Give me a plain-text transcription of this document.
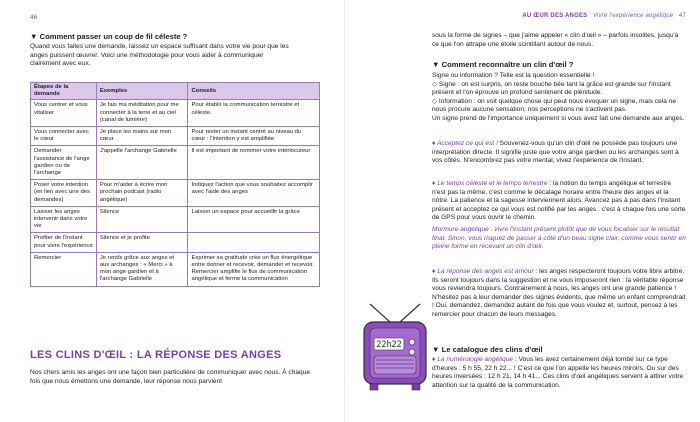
46
▼ Comment passer un coup de fil céleste ?

Quand vous faites une demande, laissez un espace suffisant dans votre vie pour que les anges puissent œuvrer. Voici une méthodologie pour vous aider à communiquer clairement avec eux.

Étapes de la demande	Exemples	Conseils
Vous centrer et vous vitaliser	Je fais ma méditation pour me connecter à la terre et au ciel (canal de lumière)	Pour établir la communication terrestre et céleste.
Vous connecter avec le cœur	Je place les mains sur mon cœur	Pour rester un instant centré au niveau du cœur : l'intention y est amplifiée
Demander l'assistance de l'ange gardien ou de l'archange	J'appelle l'archange Gabrielle	Il est important de nommer votre interlocuteur
Poser votre intention (en lien avec une des demandes)	Pour m'aider à écrire mon prochain podcast (radio angélique)	Indiquez l'action que vous souhaitez accomplir avec l'aide des anges
Laisser les anges intervenir dans votre vie	Silence	Laisser un espace pour accueillir la grâce
Profiter de l'instant pour vivre l'expérience	Silence et je profite	
Remercier	Je rends grâce aux anges et aux archanges : « Merci » à mon ange gardien et à l'archange Gabrielle	Exprimer sa gratitude crée un flux énergétique entre donner et recevoir, demander et recevoir. Remercier amplifie le flux de communication angélique et ferme la communication
LES CLINS D'ŒIL : LA RÉPONSE DES ANGES

Nos chers amis les anges ont une façon bien particulière de communiquer avec nous. À chaque fois que nous émettons une demande, leur réponse nous parvient

AU ŒUR DES ANGES Vivre l'expérience angélique 47

sous la forme de signes – que j'aime appeler « clin d'œil » – parfois insolites, jusqu'à ce que l'on attrape une étoile scintillant autour de nous.

▼ Comment reconnaître un clin d'œil ?

Signe ou information ? Telle est la question essentielle !

◇ Signe : on est surpris, on reste bouche bée tant la grâce est grande sur l'instant présent et l'on éprouve un profond sentiment de plénitude.

◇ Information : on voit quelque chose qui peut nous évoquer un signe, mais cela ne nous procure aucune sensation, nos perceptions ne s'activent pas.

Un signe prend de l'importance uniquement si vous avez fait une demande aux anges.

♦ Acceptez ce qui est ! Souvenez-vous qu'un clin d'œil ne possède pas toujours une interprétation directe. Il signifie juste que votre ange gardien ou les archanges sont à vos côtés. N'encombrez pas votre mental, vivez l'expérience de l'instant.

♦ Le temps céleste et le temps terrestre : la notion du temps angélique et terrestre n'est pas la même, c'est comme le décalage horaire entre l'heure des anges et la nôtre. La patience et la sagesse interviennent alors. Avancez pas à pas dans l'instant présent et acceptez ce qui vous est notifié par les anges : c'est à chaque fois une sorte de GPS pour vous ouvrir le chemin.

Murmure angélique : vivre l'instant présent plutôt que de vous focaliser sur le résultat final. Sinon, vous risquez de passer à côté d'un beau signe clair, comme vous sentir en pleine forme en recevant un clin d'œil.

♦ La réponse des anges est amour : les anges respecteront toujours votre libre arbitre. Ils seront toujours dans la suggestion et ne vous imposeront rien : la véritable réponse vous reviendra toujours. Contrairement à nous, les anges ont une grande patience ! N'hésitez pas à leur demander des signes évidents, que même un enfant comprendrait ! Oui, demandez, demandez autant de fois que vous voulez et, surtout, pensez à les remercier pour chacun de leurs messages.

▼ Le catalogue des clins d'œil

♦ La numérologie angélique : Vous les avez certainement déjà tombé sur ce type d'heures : 5 h 55, 22 h 22... ! C'est ce que l'on appelle les heures miroirs. Ou sur des heures inversées : 12 h 21, 14 h 41... Ces clins d'œil angéliques servent à attirer votre attention sur la qualité de la communication.

22h22
